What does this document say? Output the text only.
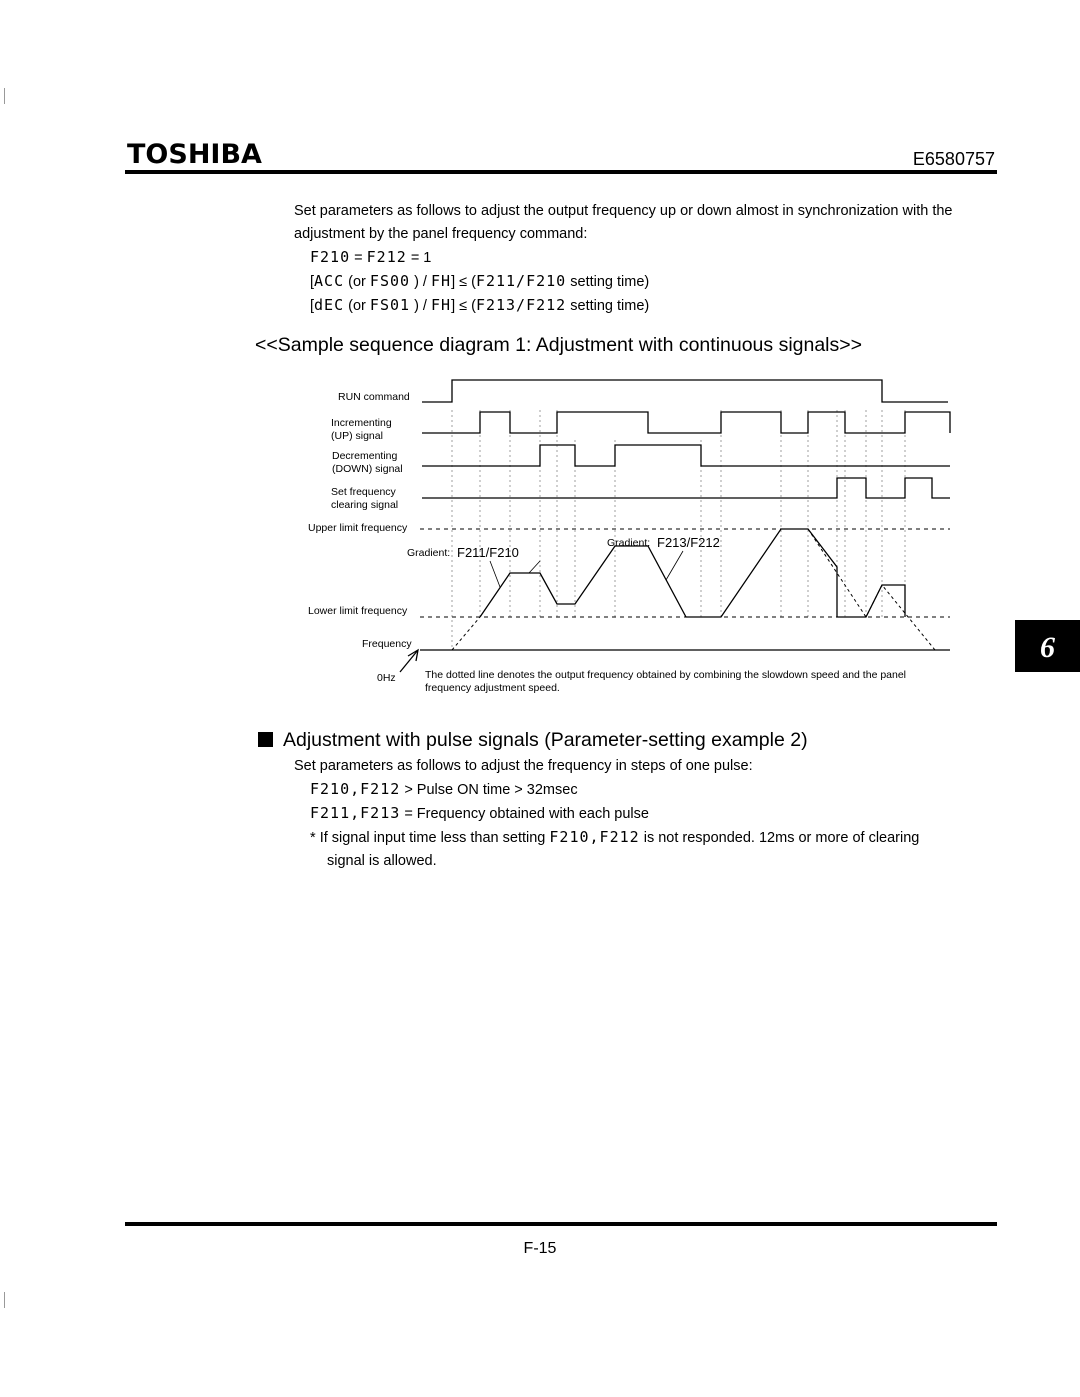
TOSHIBA	E6580757
Set parameters as follows to adjust the output frequency up or down almost in synchronization with the
adjustment by the panel frequency command:
F210 = F212 = 1
[ACC (or FS00 ) / FH] ≤ (F211/F210 setting time)
[dEC (or FS01 ) / FH] ≤ (F213/F212 setting time)
<<Sample sequence diagram 1: Adjustment with continuous signals>>
RUN command
Incrementing
(UP) signal
Decrementing
(DOWN) signal
Set frequency
clearing signal
Upper limit frequency
Lower limit frequency
Frequency
0Hz
Gradient: F211/F210
Gradient: F213/F212
The dotted line denotes the output frequency obtained by combining the slowdown speed and the panel
frequency adjustment speed.
Adjustment with pulse signals (Parameter-setting example 2)
Set parameters as follows to adjust the frequency in steps of one pulse:
F210,F212 > Pulse ON time > 32msec
F211,F213 = Frequency obtained with each pulse
* If signal input time less than setting F210,F212 is not responded. 12ms or more of clearing
signal is allowed.
6
F-15
